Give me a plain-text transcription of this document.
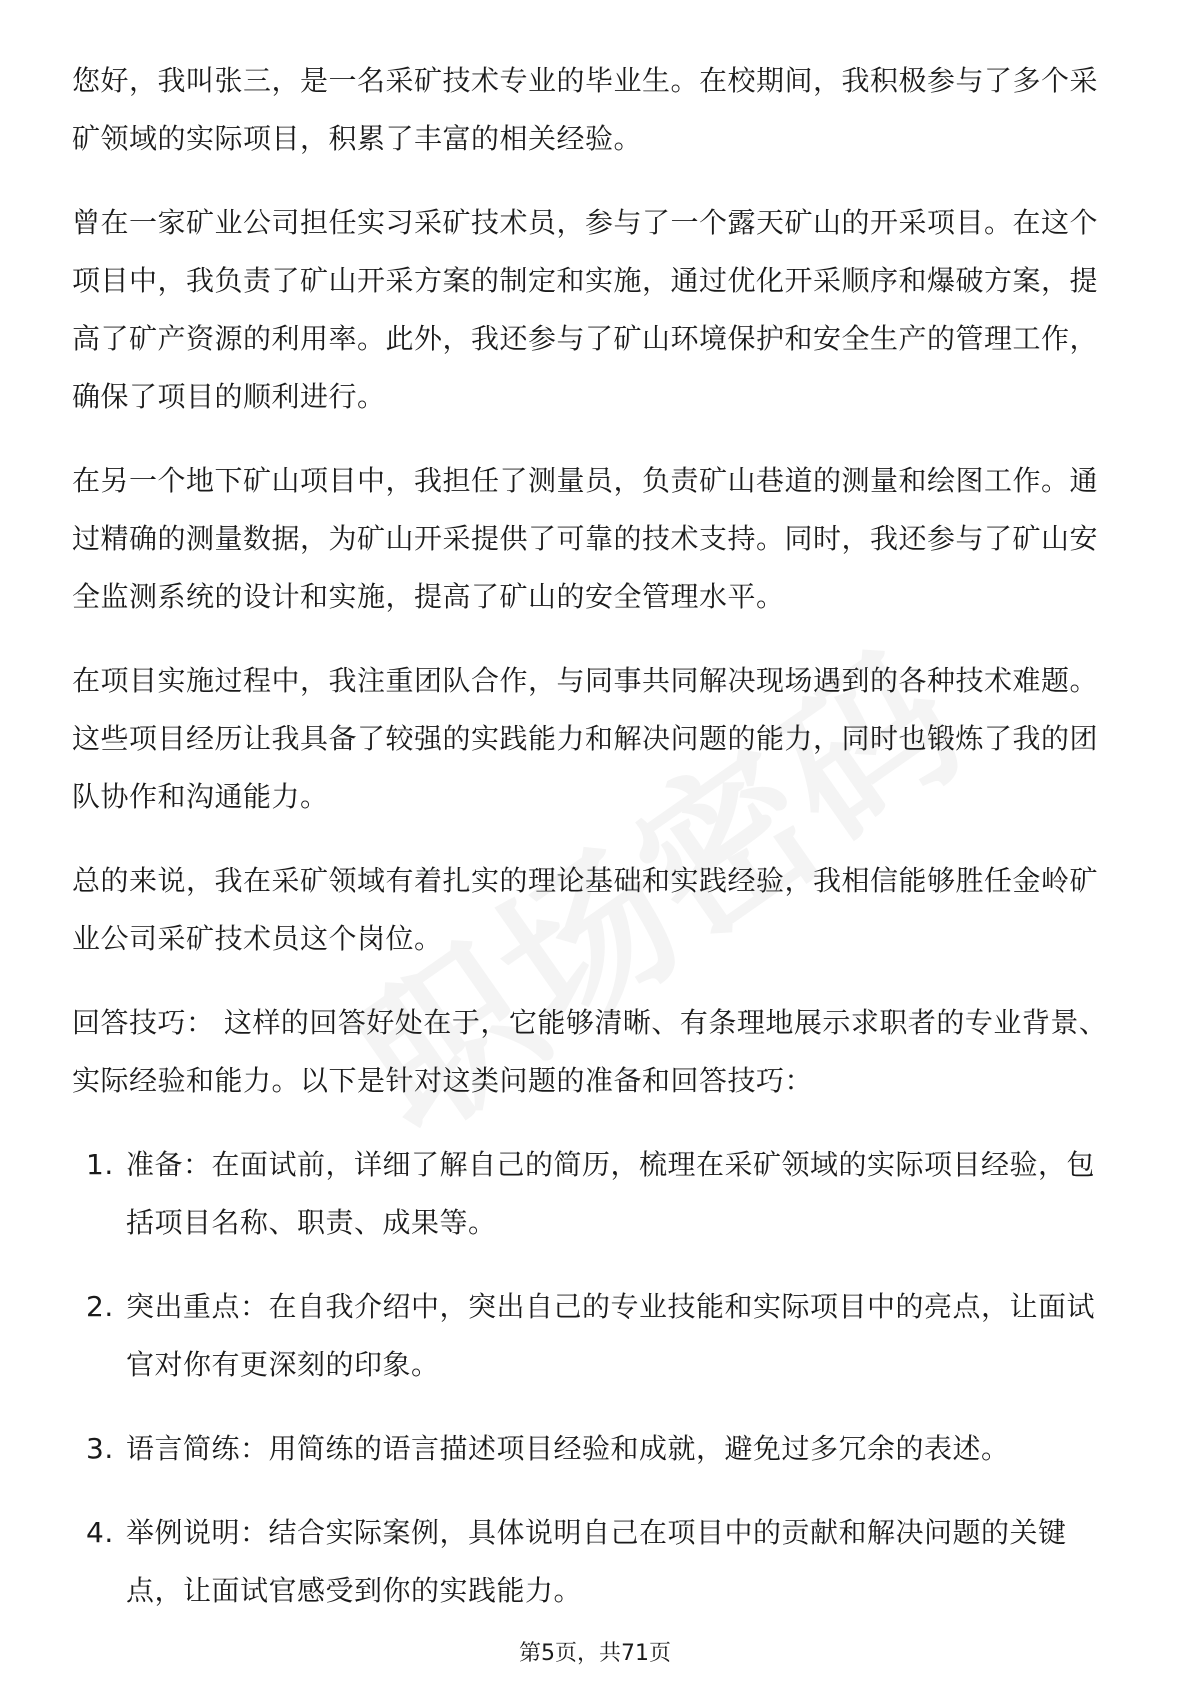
您好，我叫张三，是一名采矿技术专业的毕业生。在校期间，我积极参与了多个采矿领域的实际项目，积累了丰富的相关经验。

曾在一家矿业公司担任实习采矿技术员，参与了一个露天矿山的开采项目。在这个项目中，我负责了矿山开采方案的制定和实施，通过优化开采顺序和爆破方案，提高了矿产资源的利用率。此外，我还参与了矿山环境保护和安全生产的管理工作，确保了项目的顺利进行。

在另一个地下矿山项目中，我担任了测量员，负责矿山巷道的测量和绘图工作。通过精确的测量数据，为矿山开采提供了可靠的技术支持。同时，我还参与了矿山安全监测系统的设计和实施，提高了矿山的安全管理水平。

在项目实施过程中，我注重团队合作，与同事共同解决现场遇到的各种技术难题。这些项目经历让我具备了较强的实践能力和解决问题的能力，同时也锻炼了我的团队协作和沟通能力。

总的来说，我在采矿领域有着扎实的理论基础和实践经验，我相信能够胜任金岭矿业公司采矿技术员这个岗位。

回答技巧： 这样的回答好处在于，它能够清晰、有条理地展示求职者的专业背景、实际经验和能力。以下是针对这类问题的准备和回答技巧：

1. 准备：在面试前，详细了解自己的简历，梳理在采矿领域的实际项目经验，包括项目名称、职责、成果等。
2. 突出重点：在自我介绍中，突出自己的专业技能和实际项目中的亮点，让面试官对你有更深刻的印象。
3. 语言简练：用简练的语言描述项目经验和成就，避免过多冗余的表述。
4. 举例说明：结合实际案例，具体说明自己在项目中的贡献和解决问题的关键点，让面试官感受到你的实践能力。
第5页，共71页
